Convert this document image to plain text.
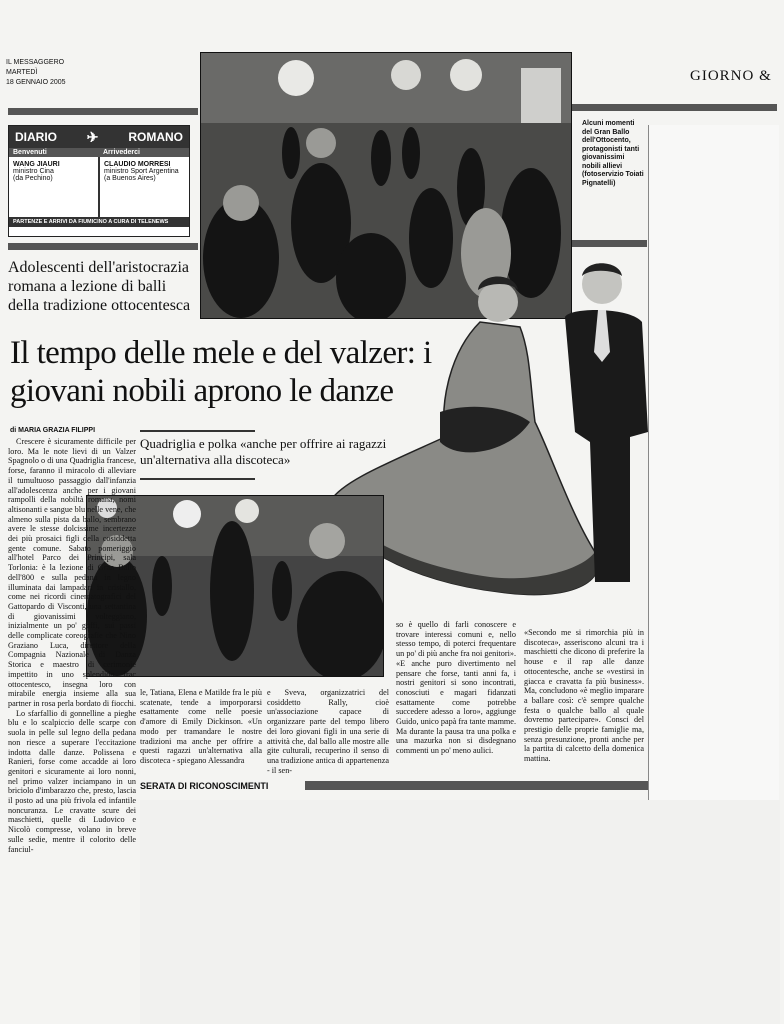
IL MESSAGGERO
MARTEDÌ
18 GENNAIO 2005	GIORNO &
DIARIO ✈ ROMANO
Benvenuti	Arrivederci
WANG JIAURI
ministro Cina
(da Pechino)
CLAUDIO MORRESI
ministro Sport Argentina
(a Buenos Aires)
PARTENZE E ARRIVI DA FIUMICINO A CURA DI TELENEWS
Adolescenti dell'aristocrazia romana a lezione di balli della tradizione ottocentesca
Il tempo delle mele e del valzer: i giovani nobili aprono le danze
Alcuni momenti del Gran Ballo dell'Ottocento, protagonisti tanti giovanissimi nobili allievi (fotoservizio Toiati Pignatelli)
Quadriglia e polka «anche per offrire ai ragazzi un'alternativa alla discoteca»
di MARIA GRAZIA FILIPPI

Crescere è sicuramente difficile per loro. Ma le note lievi di un Valzer Spagnolo o di una Quadriglia francese, forse, faranno il miracolo di alleviare il tumultuoso passaggio dall'infanzia all'adolescenza anche per i giovani rampolli della nobiltà romana, nomi altisonanti e sangue blu nelle vene, che almeno sulla pista da ballo, sembrano avere le stesse dolcissime incertezze dei più prosaici figli della cosiddetta gente comune. Sabato pomeriggio all'hotel Parco dei Principi, sala Torlonia: è la lezione di Gran Ballo dell'800 e sulla pedana in legno illuminata dai lampadari in cristallo, come nei ricordi cinematografici del Gattopardo di Visconti, una settantina di giovanissimi volteggiano, inizialmente un po' goffi, sui passi delle complicate coreografie che Nino Graziano Luca, direttore della Compagnia Nazionale di Danza Storica e maestro di cerimonie impettito in uno splendido frac ottocentesco, insegna loro con mirabile energia insieme alla sua partner in rosa perla bordato di fiocchi.

Lo sfarfallio di gonnelline a pieghe blu e lo scalpiccio delle scarpe con suola in pelle sul legno della pedana non riesce a superare l'eccitazione indotta dalle danze. Polissena e Ranieri, forse come accadde ai loro genitori e sicuramente ai loro nonni, nel primo valzer inciampano in un briciolo d'imbarazzo che, presto, lascia il posto ad una più frivola ed infantile noncuranza. Le cravatte scure dei maschietti, quelle di Ludovico e Nicolò compresse, volano in breve sulle sedie, mentre il colorito delle fanciul-

le, Tatiana, Elena e Matilde fra le più scatenate, tende a imporporarsi esattamente come nelle poesie d'amore di Emily Dickinson. «Un modo per tramandare le nostre tradizioni ma anche per offrire a questi ragazzi un'alternativa alla discoteca - spiegano Alessandra

e Sveva, organizzatrici del cosiddetto Rally, cioè un'associazione capace di organizzare parte del tempo libero dei loro giovani figli in una serie di attività che, dal ballo alle mostre alle gite culturali, recuperino il senso di una tradizione antica di appartenenza - il sen-

so è quello di farli conoscere e trovare interessi comuni e, nello stesso tempo, di poterci frequentare un po' di più anche fra noi genitori». «E anche puro divertimento nel pensare che forse, tanti anni fa, i nostri genitori si sono incontrati, conosciuti e magari fidanzati esattamente come potrebbe succedere adesso a loro», aggiunge Guido, unico papà fra tante mamme. Ma durante la pausa tra una polka e una mazurka non si disdegnano commenti un po' meno aulici.

«Secondo me si rimorchia più in discoteca», asseriscono alcuni tra i maschietti che dicono di preferire la house e il rap alle danze ottocentesche, anche se «vestirsi in giacca e cravatta fa più business». Ma, concludono «è meglio imparare a ballare così: c'è sempre qualche festa o qualche ballo al quale dovremo partecipare». Consci del prestigio delle proprie famiglie ma, senza presunzione, pronti anche per la partita di calcetto della domenica mattina.

SERATA DI RICONOSCIMENTI
